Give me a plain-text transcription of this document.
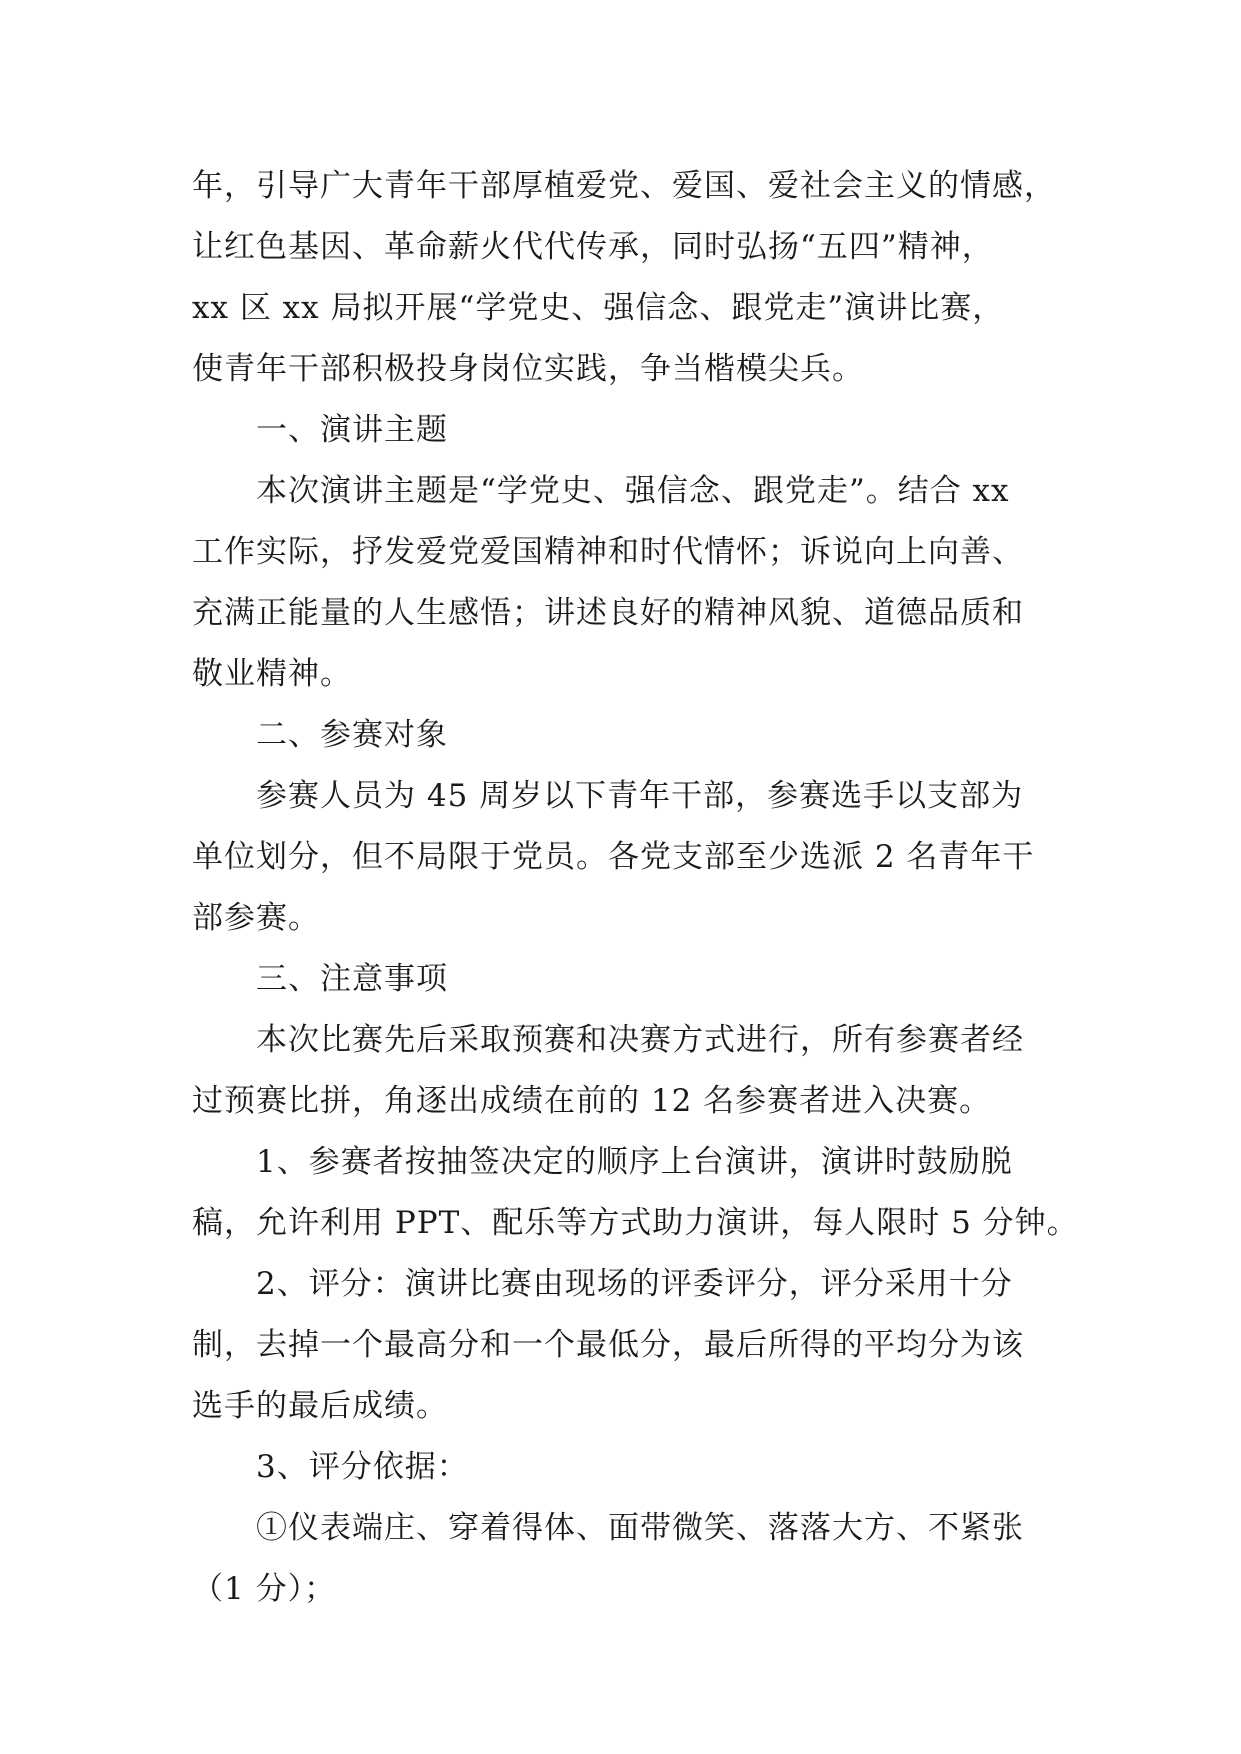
年，引导广大青年干部厚植爱党、爱国、爱社会主义的情感，
让红色基因、革命薪火代代传承，同时弘扬“五四”精神，
xx 区 xx 局拟开展“学党史、强信念、跟党走”演讲比赛，
使青年干部积极投身岗位实践，争当楷模尖兵。
一、演讲主题
本次演讲主题是“学党史、强信念、跟党走”。结合 xx
工作实际，抒发爱党爱国精神和时代情怀；诉说向上向善、
充满正能量的人生感悟；讲述良好的精神风貌、道德品质和
敬业精神。
二、参赛对象
参赛人员为 45 周岁以下青年干部，参赛选手以支部为
单位划分，但不局限于党员。各党支部至少选派 2 名青年干
部参赛。
三、注意事项
本次比赛先后采取预赛和决赛方式进行，所有参赛者经
过预赛比拼，角逐出成绩在前的 12 名参赛者进入决赛。
1、参赛者按抽签决定的顺序上台演讲，演讲时鼓励脱
稿，允许利用 PPT、配乐等方式助力演讲，每人限时 5 分钟。
2、评分：演讲比赛由现场的评委评分，评分采用十分
制，去掉一个最高分和一个最低分，最后所得的平均分为该
选手的最后成绩。
3、评分依据：
①仪表端庄、穿着得体、面带微笑、落落大方、不紧张
（1 分）；
